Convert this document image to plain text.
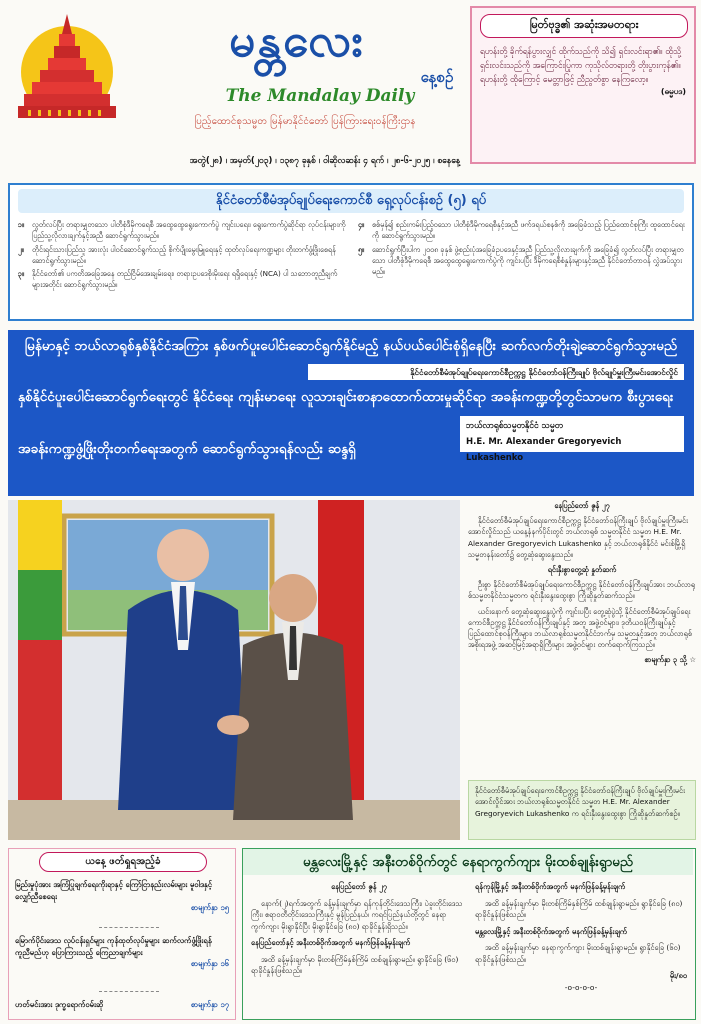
မန္တလေး
နေ့စဉ်
The Mandalay Daily
ပြည့်ထောင်စုသမ္မတ မြန်မာနိုင်ငံတော် ပြန်ကြားရေးဝန်ကြီးဌာန
မြတ်ဗုဒ္ဓ၏ အဆုံးအမတရား
ရဟန်းတို့ ခိုက်ရန်ပွားလျှင် ထိုက်သည်ကို သိ၍ ရှင်းလင်းရာ၏။ ထိုသို့ ရှင်းလင်းသည်ကို အကြောင်းပြုကာ ကုသိုလ်တရားတို့ တိုးပွားကုန်၏။ ရဟန်းတို့ ထိုကြောင့် မေတ္တာဖြင့် ညီညွတ်စွာ နေကြလော့။
(ဓမ္မပဒ)
အတွဲ(၂၈) ၊ အမှတ်(၂၀၃) ၊ ၁၃၈၇ ခုနှစ် ၊ ဝါဆိုလဆန်း ၄ ရက် ၊ ၂၈-၆-၂၀၂၅ ၊ စနေနေ့
နိုင်ငံတော်စီမံအုပ်ချုပ်ရေးကောင်စီ ရှေ့လုပ်ငန်းစဉ် (၅) ရပ်
၁။	လွတ်လပ်ပြီး တရားမျှတသော ပါတီစုံဒီမိုကရေစီ အထွေထွေရွေးကောက်ပွဲ ကျင်းပရေး၊ ရွေးကောက်ပွဲဆိုင်ရာ လုပ်ငန်းများကို ပြည်သူ့လိုလားချက်နှင့်အညီ ဆောင်ရွက်သွားမည်။
၂။	တိုင်းရင်းသားပြည်သူ အားလုံး ပါဝင်ဆောင်ရွက်သည့် စိုက်ပျိုးမွေးမြူရေးနှင့် ထုတ်လုပ်ရေးကဏ္ဍများ တိုးတက်ဖွံ့ဖြိုးစေရန် ဆောင်ရွက်သွားမည်။
၃။	နိုင်ငံတော်၏ ပကတိအခြေအနေ တည်ငြိမ်အေးချမ်းရေး၊ တရားဥပဒေစိုးမိုးရေး ရရှိရေးနှင့် (NCA) ပါ သဘောတူညီချက်များအတိုင်း ဆောင်ရွက်သွားမည်။
၄။	စစ်မှန်၍ စည်းကမ်းပြည့်ဝသော ပါတီစုံဒီမိုကရေစီနှင့်အညီ ဖက်ဒရယ်စနစ်ကို အခြေခံသည့် ပြည်ထောင်စုကြီး ထူထောင်ရေးကို ဆောင်ရွက်သွားမည်။
၅။	ဆောင်ရွက်ပြီးပါက ၂၀၀၈ ခုနှစ် ဖွဲ့စည်းပုံအခြေခံဥပဒေနှင့်အညီ ပြည်သူ့လိုလားချက်ကို အခြေခံ၍ လွတ်လပ်ပြီး တရားမျှတသော ပါတီစုံဒီမိုကရေစီ အထွေထွေရွေးကောက်ပွဲကို ကျင်းပပြီး ဒီမိုကရေစီစံနှုန်းများနှင့်အညီ နိုင်ငံတော်တာဝန် လွှဲအပ်သွားမည်။
မြန်မာနှင့် ဘယ်လာရုစ်နှစ်နိုင်ငံအကြား နှစ်ဖက်ပူးပေါင်းဆောင်ရွက်နိုင်မည့် နယ်ပယ်ပေါင်းစုံရှိနေပြီး ဆက်လက်တိုးချဲ့ဆောင်ရွက်သွားမည်
နိုင်ငံတော်စီမံအုပ်ချုပ်ရေးကောင်စီဥက္ကဋ္ဌ နိုင်ငံတော်ဝန်ကြီးချုပ် ဗိုလ်ချုပ်မှူးကြီးမင်းအောင်လှိုင်
နှစ်နိုင်ငံပူးပေါင်းဆောင်ရွက်ရေးတွင် နိုင်ငံရေး ကျန်းမာရေး လူသားချင်းစာနာထောက်ထားမှုဆိုင်ရာ အခန်းကဏ္ဍတို့တွင်သာမက စီးပွားရေး
ဘယ်လာရုစ်သမ္မတနိုင်ငံ သမ္မတ
H.E. Mr. Alexander Gregoryevich Lukashenko
အခန်းကဏ္ဍဖွံ့ဖြိုးတိုးတက်ရေးအတွက် ဆောင်ရွက်သွားရန်လည်း ဆန္ဒရှိ

နေပြည်တော် ဇွန် ၂၇

နိုင်ငံတော်စီမံအုပ်ချုပ်ရေးကောင်စီဥက္ကဋ္ဌ နိုင်ငံတော်ဝန်ကြီးချုပ် ဗိုလ်ချုပ်မှူးကြီးမင်းအောင်လှိုင်သည် ယနေ့နံနက်ပိုင်းတွင် ဘယ်လာရုစ် သမ္မတနိုင်ငံ သမ္မတ H.E. Mr. Alexander Gregoryevich Lukashenko နှင့် ဘယ်လာရုစ်နိုင်ငံ မင်းစ်မြို့ရှိ သမ္မတနန်းတော်၌ တွေ့ဆုံဆွေးနွေးသည်။

ရင်းနှီးစွာတွေ့ဆုံ နှုတ်ဆက်

ဦးစွာ နိုင်ငံတော်စီမံအုပ်ချုပ်ရေးကောင်စီဥက္ကဋ္ဌ နိုင်ငံတော်ဝန်ကြီးချုပ်အား ဘယ်လာရုစ်သမ္မတနိုင်ငံသမ္မတက ရင်းနှီးနွေးထွေးစွာ ကြိုဆိုနှုတ်ဆက်သည်။

ယင်းနောက် တွေ့ဆုံဆွေးနွေးပွဲကို ကျင်းပပြီး တွေ့ဆုံပွဲသို့ နိုင်ငံတော်စီမံအုပ်ချုပ်ရေးကောင်စီဥက္ကဋ္ဌ နိုင်ငံတော်ဝန်ကြီးချုပ်နှင့် အတူ အဖွဲ့ဝင်များ၊ ဒုတိယဝန်ကြီးချုပ်နှင့် ပြည်ထောင်စုဝန်ကြီးများ၊ ဘယ်လာရုစ်သမ္မတနိုင်ငံဘက်မှ သမ္မတနှင့်အတူ ဘယ်လာရုစ်အစိုးရအဖွဲ့ အဆင့်မြင့်အရာရှိကြီးများ အဖွဲ့ဝင်များ တက်ရောက်ကြသည်။

စာမျက်နှာ ၃ သို့ ☆
နိုင်ငံတော်စီမံအုပ်ချုပ်ရေးကောင်စီဥက္ကဋ္ဌ နိုင်ငံတော်ဝန်ကြီးချုပ် ဗိုလ်ချုပ်မှူးကြီးမင်းအောင်လှိုင်အား ဘယ်လာရုစ်သမ္မတနိုင်ငံ သမ္မတ H.E. Mr. Alexander Gregoryevich Lukashenko က ရင်းနှီးနွေးထွေးစွာ ကြိုဆိုနှုတ်ဆက်စဉ်။
ယနေ့ ဖတ်ရှုရအည့်ခံ
မြည်းမှုပုံအား အကြံပြုချက်ရေးကိုးရာနှင့် ကြော်ငြာနည်းလမ်းများ မူဝါဒနှင့် လျှော်ညီစေရေး
စာမျက်နှာ ၁၅
မြောက်ပိုင်းဒေသ လုပ်ငန်းရှင်များ ကုန်ထုတ်လုပ်မှုများ ဆက်လက်ဖွံ့ဖြိုးရန် ကူညီမည်ဟု ပြောကြားသည့် ကြေညာချက်များ
စာမျက်နှာ ၁၆
ဟတ်မင်းအား ဒုက္ခရောက်ဝမ်းဆို	စာမျက်နှာ ၁၇
မန္တလေးမြို့နှင့် အနီးတစ်ဝိုက်တွင် နေရာကွက်ကျား မိုးထစ်ချုန်းရွာမည်

နေပြည်တော် ဇွန် ၂၇

နောက်(၂)ရက်အတွက် ခန့်မှန်းချက်မှာ ရန်ကုန်တိုင်းဒေသကြီး၊ ပဲခူးတိုင်းဒေသကြီး၊ ဧရာဝတီတိုင်းဒေသကြီးနှင့် မွန်ပြည်နယ်၊ ကရင်ပြည်နယ်တို့တွင် နေရာကွက်ကျား မိုးရွာနိုင်ပြီး မိုးရွာနိုင်ခြေ (၈၀) ရာခိုင်နှုန်းရှိသည်။

နေပြည်တော်နှင့် အနီးတစ်ဝိုက်အတွက် မနက်ဖြန်ခန့်မှန်းချက်

အထိ ခန့်မှန်းချက်မှာ မိုးတစ်ကြိမ်နှစ်ကြိမ် ထစ်ချုန်းရွာမည်။ ရွာနိုင်ခြေ (၆၀) ရာခိုင်နှုန်းဖြစ်သည်။

ရန်ကုန်မြို့နှင့် အနီးတစ်ဝိုက်အတွက် မနက်ဖြန်ခန့်မှန်းချက်

အထိ ခန့်မှန်းချက်မှာ မိုးတစ်ကြိမ်နှစ်ကြိမ် ထစ်ချုန်းရွာမည်။ ရွာနိုင်ခြေ (၈၀) ရာခိုင်နှုန်းဖြစ်သည်။

မန္တလေးမြို့နှင့် အနီးတစ်ဝိုက်အတွက် မနက်ဖြန်ခန့်မှန်းချက်

အထိ ခန့်မှန်းချက်မှာ နေရာကွက်ကျား မိုးထစ်ချုန်းရွာမည်။ ရွာနိုင်ခြေ (၆၀) ရာခိုင်နှုန်းဖြစ်သည်။

မိုး/၈၀
-o-o-o-o-
